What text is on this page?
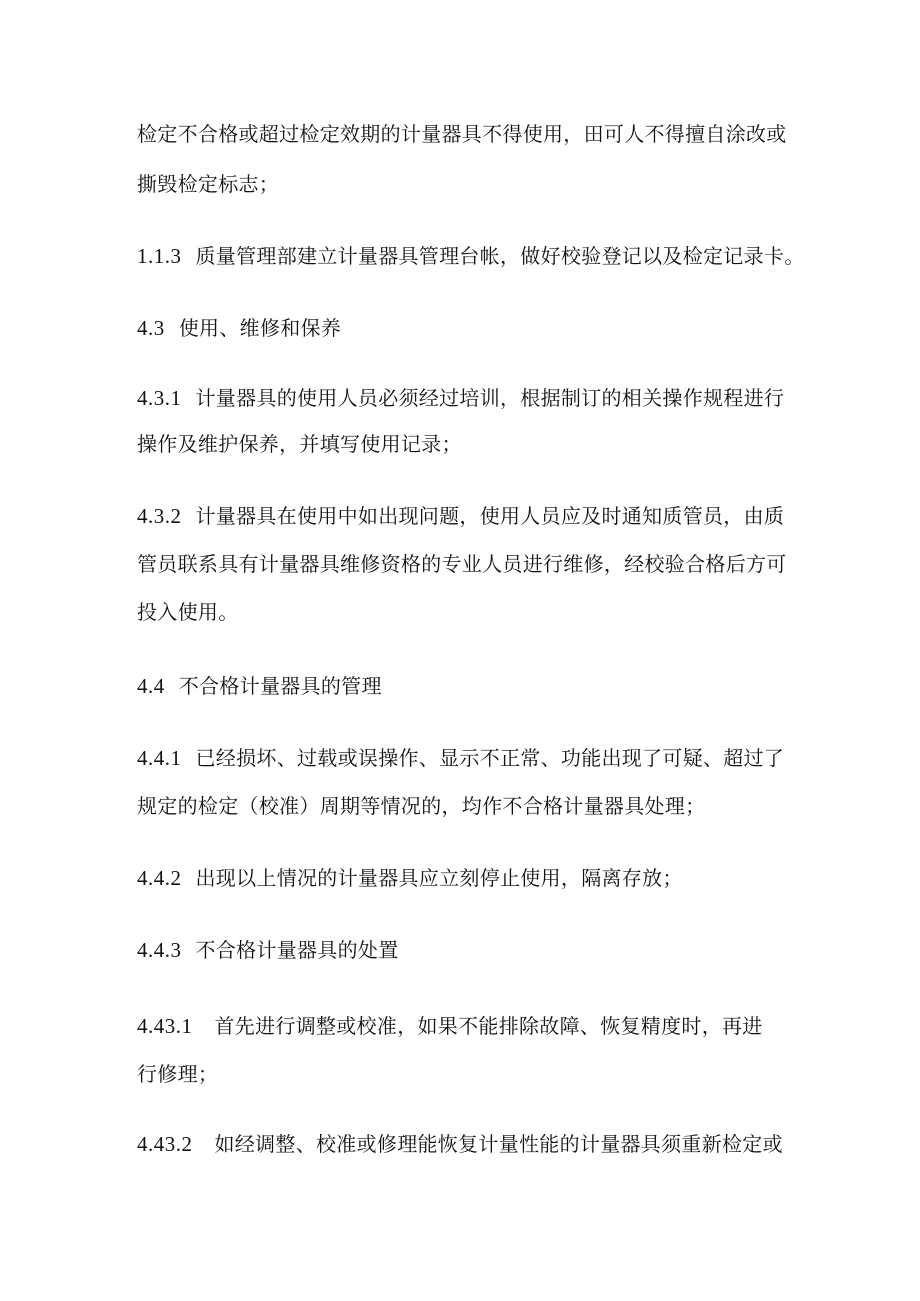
检定不合格或超过检定效期的计量器具不得使用，田可人不得擅自涂改或
撕毁检定标志；
1.1.3 质量管理部建立计量器具管理台帐，做好校验登记以及检定记录卡。
4.3 使用、维修和保养
4.3.1 计量器具的使用人员必须经过培训，根据制订的相关操作规程进行
操作及维护保养，并填写使用记录；
4.3.2 计量器具在使用中如出现问题，使用人员应及时通知质管员，由质
管员联系具有计量器具维修资格的专业人员进行维修，经校验合格后方可
投入使用。
4.4 不合格计量器具的管理
4.4.1 已经损坏、过载或误操作、显示不正常、功能出现了可疑、超过了
规定的检定（校准）周期等情况的，均作不合格计量器具处理；
4.4.2 出现以上情况的计量器具应立刻停止使用，隔离存放；
4.4.3 不合格计量器具的处置
4.43.1 首先进行调整或校准，如果不能排除故障、恢复精度时，再进
行修理；
4.43.2 如经调整、校准或修理能恢复计量性能的计量器具须重新检定或
